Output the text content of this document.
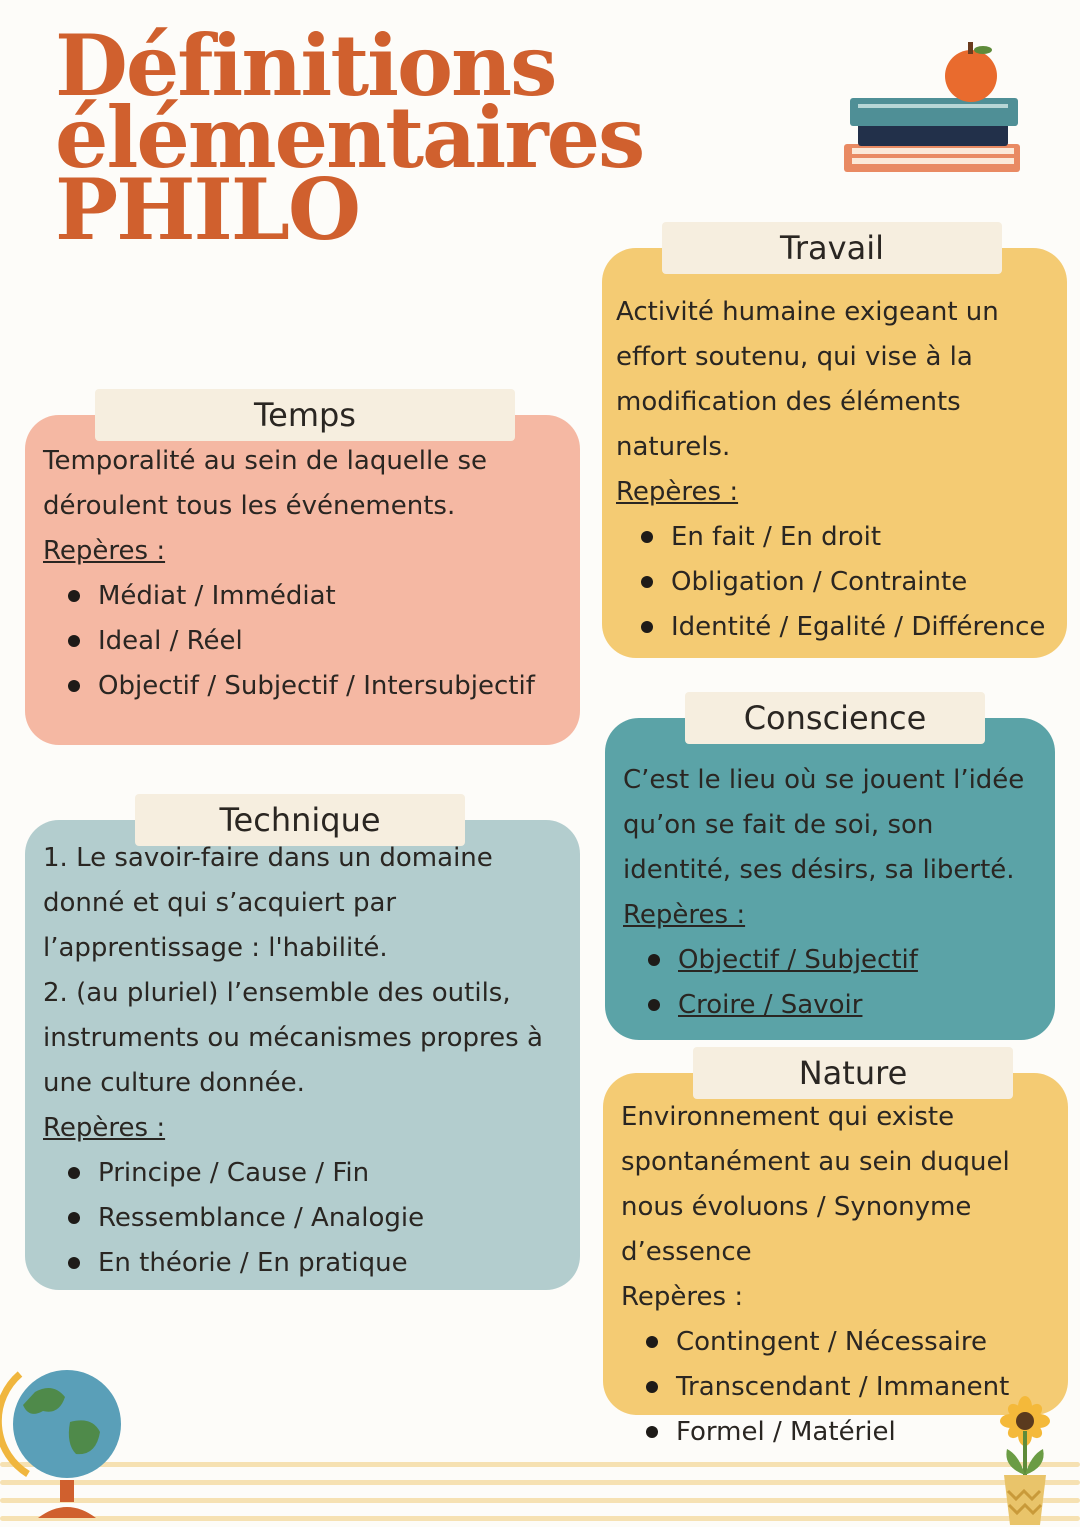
Définitions
élémentaires
PHILO
Temps

Temporalité au sein de laquelle se déroulent tous les événements.

Repères :

Médiat / Immédiat
Ideal / Réel
Objectif / Subjectif / Intersubjectif
Technique

1. Le savoir-faire dans un domaine donné et qui s’acquiert par l’apprentissage : l'habilité.

2. (au pluriel) l’ensemble des outils, instruments ou mécanismes propres à une culture donnée.

Repères :

Principe / Cause / Fin
Ressemblance / Analogie
En théorie / En pratique
Travail

Activité humaine exigeant un effort soutenu, qui vise à la modification des éléments naturels.

Repères :

En fait / En droit
Obligation / Contrainte
Identité / Egalité / Différence
Conscience

C’est le lieu où se jouent l’idée qu’on se fait de soi, son identité, ses désirs, sa liberté.

Repères :

Objectif / Subjectif
Croire / Savoir
Nature

Environnement qui existe spontanément au sein duquel nous évoluons / Synonyme d’essence

Repères :

Contingent / Nécessaire
Transcendant / Immanent
Formel / Matériel
